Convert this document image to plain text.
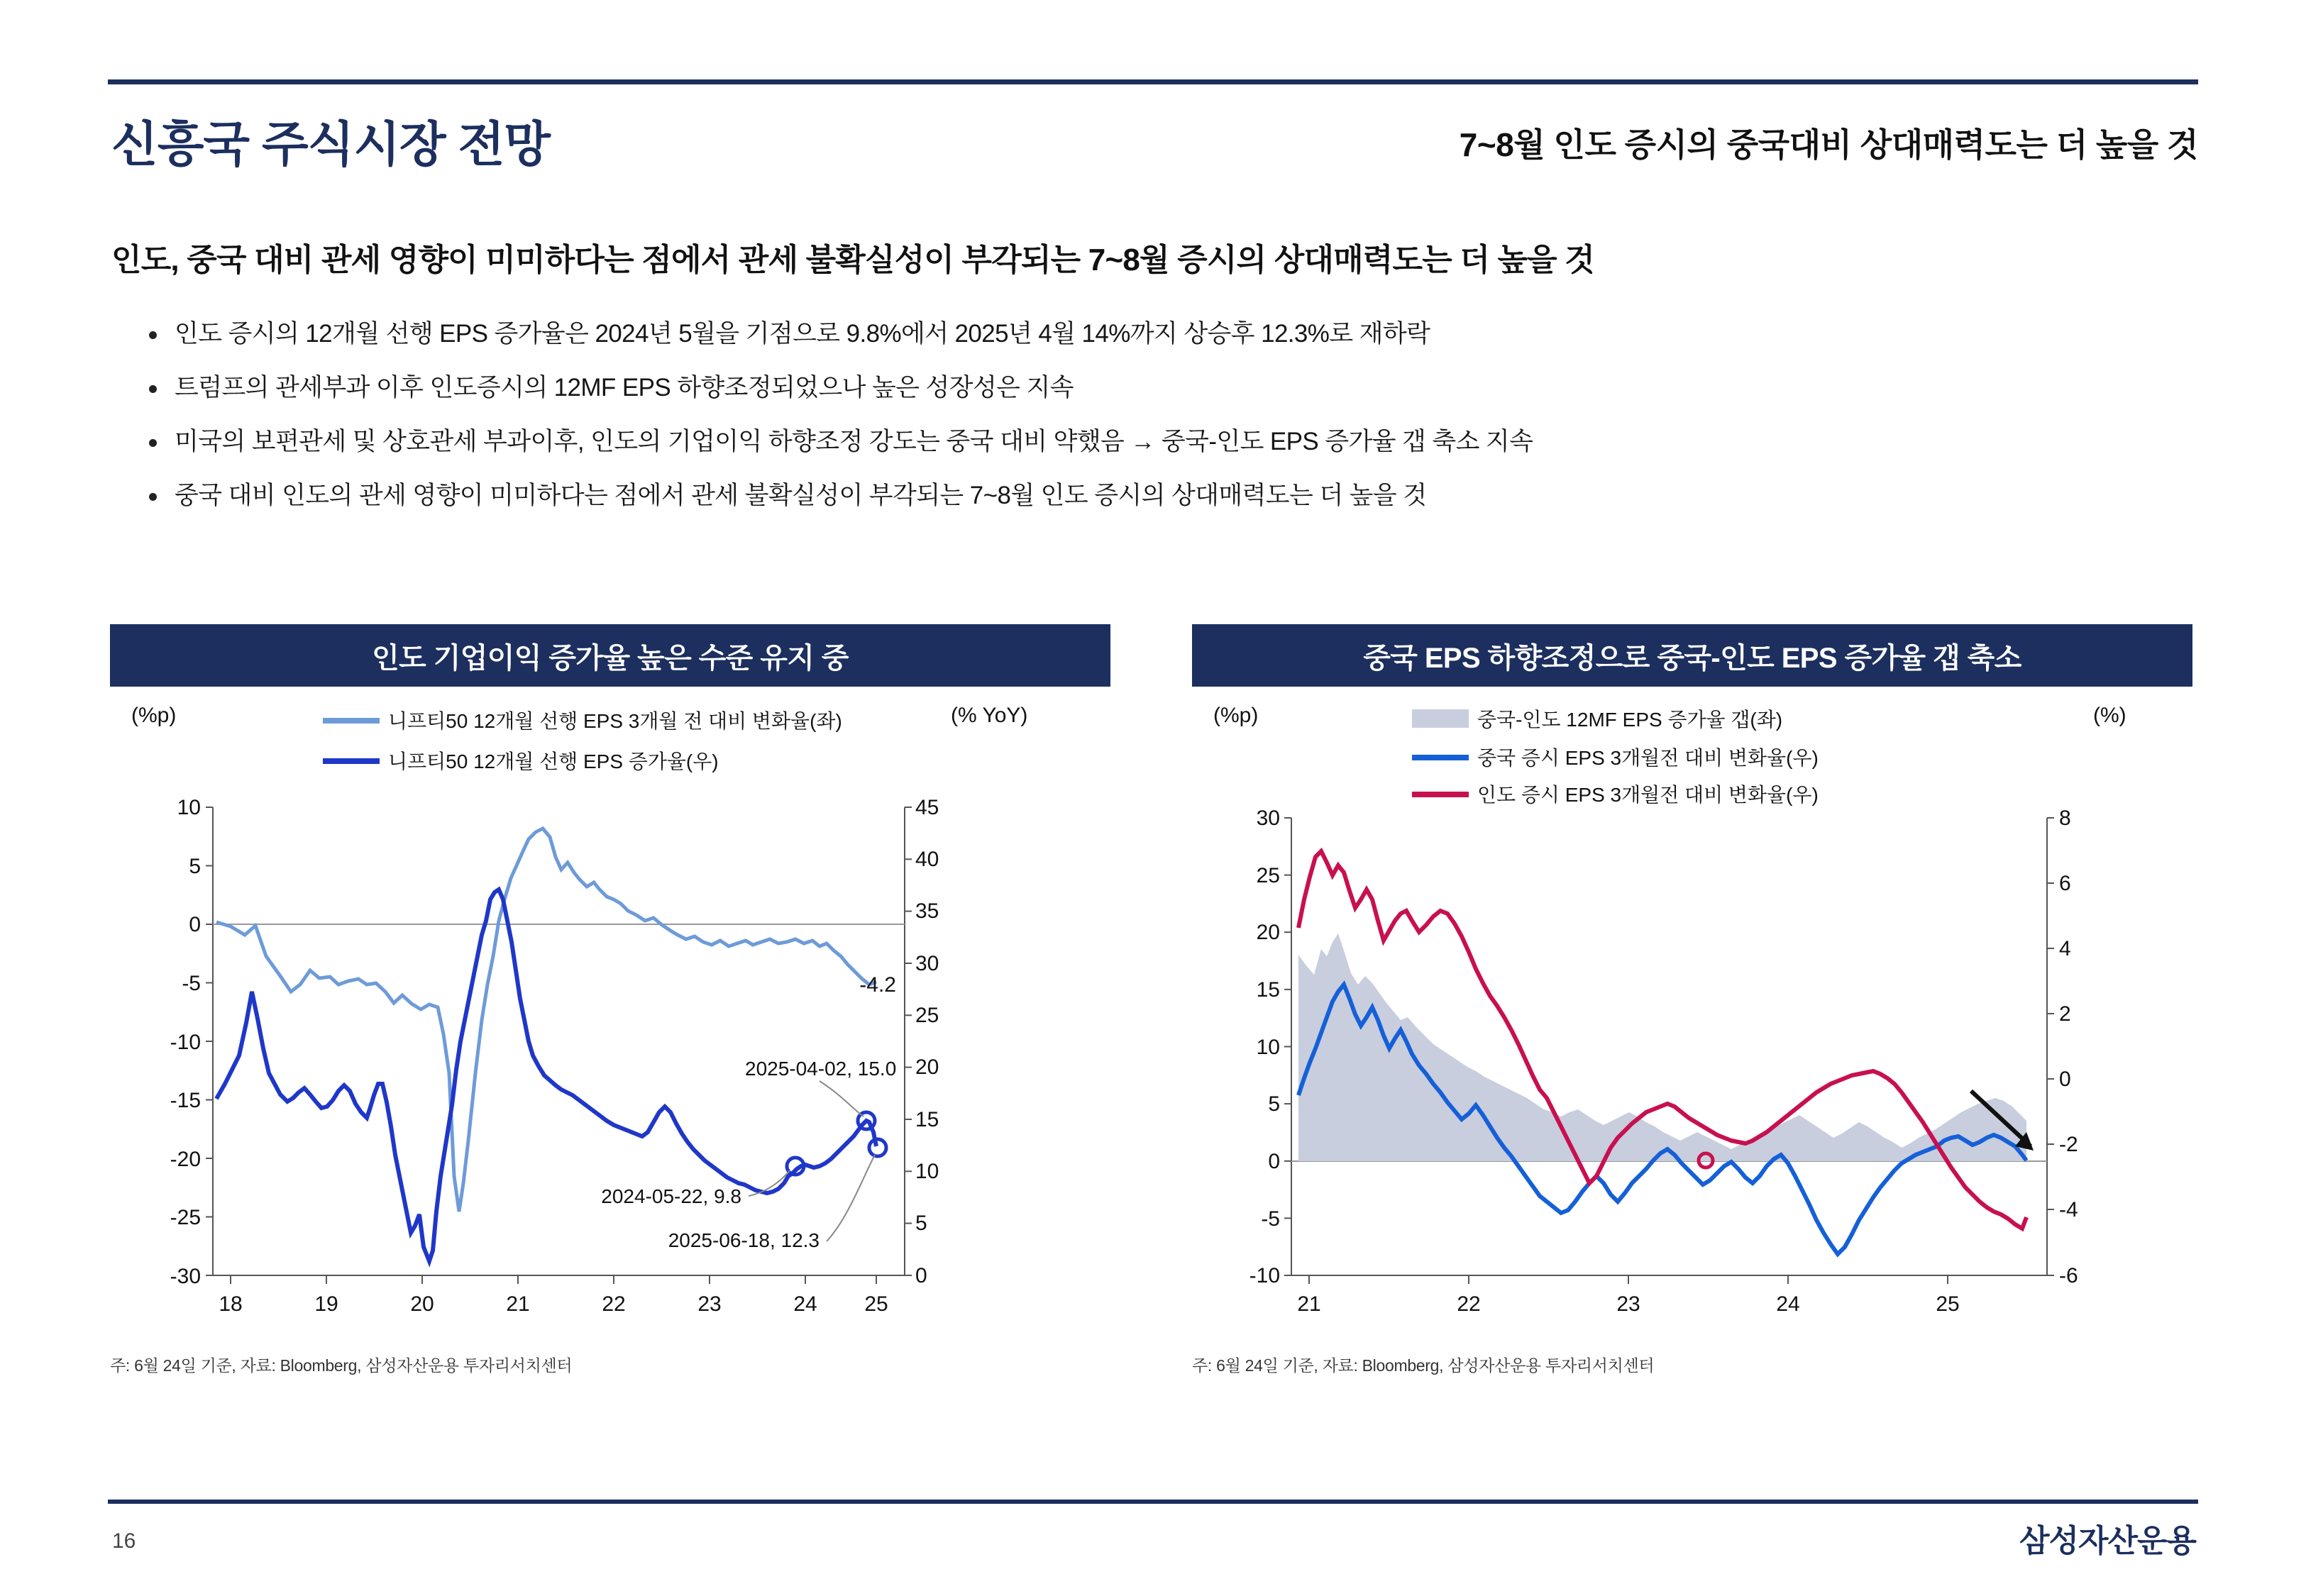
신흥국 주식시장 전망	7~8월 인도 증시의 중국대비 상대매력도는 더 높을 것
인도, 중국 대비 관세 영향이 미미하다는 점에서 관세 불확실성이 부각되는 7~8월 증시의 상대매력도는 더 높을 것
인도 증시의 12개월 선행 EPS 증가율은 2024년 5월을 기점으로 9.8%에서 2025년 4월 14%까지 상승후 12.3%로 재하락
트럼프의 관세부과 이후 인도증시의 12MF EPS 하향조정되었으나 높은 성장성은 지속
미국의 보편관세 및 상호관세 부과이후, 인도의 기업이익 하향조정 강도는 중국 대비 약했음 → 중국-인도 EPS 증가율 갭 축소 지속
중국 대비 인도의 관세 영향이 미미하다는 점에서 관세 불확실성이 부각되는 7~8월 인도 증시의 상대매력도는 더 높을 것
인도 기업이익 증가율 높은 수준 유지 중
(%p)	(% YoY)
니프티50 12개월 선행 EPS 3개월 전 대비 변화율(좌)
니프티50 12개월 선행 EPS 증가율(우)
10
5
0
-5
-10
-15
-20
-25
-30
45
40
35
30
25
20
15
10
5
0
18	19	20	21	22	23	24 25
2025-04-02, 15.0
2024-05-22, 9.8
2025-06-18, 12.3
-4.2
주: 6월 24일 기준, 자료: Bloomberg, 삼성자산운용 투자리서치센터
중국 EPS 하향조정으로 중국-인도 EPS 증가율 갭 축소
(%p)	(%)
중국-인도 12MF EPS 증가율 갭(좌)
중국 증시 EPS 3개월전 대비 변화율(우)
인도 증시 EPS 3개월전 대비 변화율(우)
30
25
20
15
10
5
0
-5
-10
8
6
4
2
0
-2
-4
-6
21	22	23	24	25
주: 6월 24일 기준, 자료: Bloomberg, 삼성자산운용 투자리서치센터
16	삼성자산운용
